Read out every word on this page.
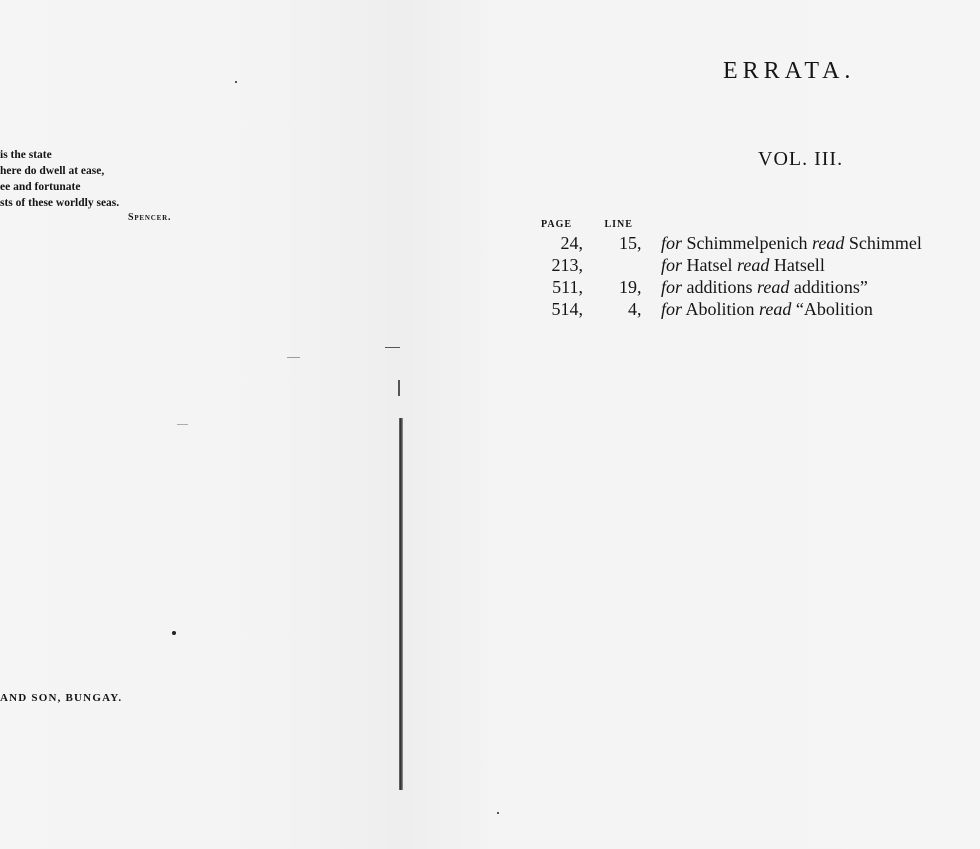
is the state
here do dwell at ease,
ee and fortunate
sts of these worldly seas.
Spencer.
AND SON, BUNGAY.
ERRATA.
VOL. III.
PAGE	LINE
24, 15, for Schimmelpenich read Schimmel
213,	for Hatsel read Hatsell
511, 19, for additions read additions”
514,	4, for Abolition read “Abolition
